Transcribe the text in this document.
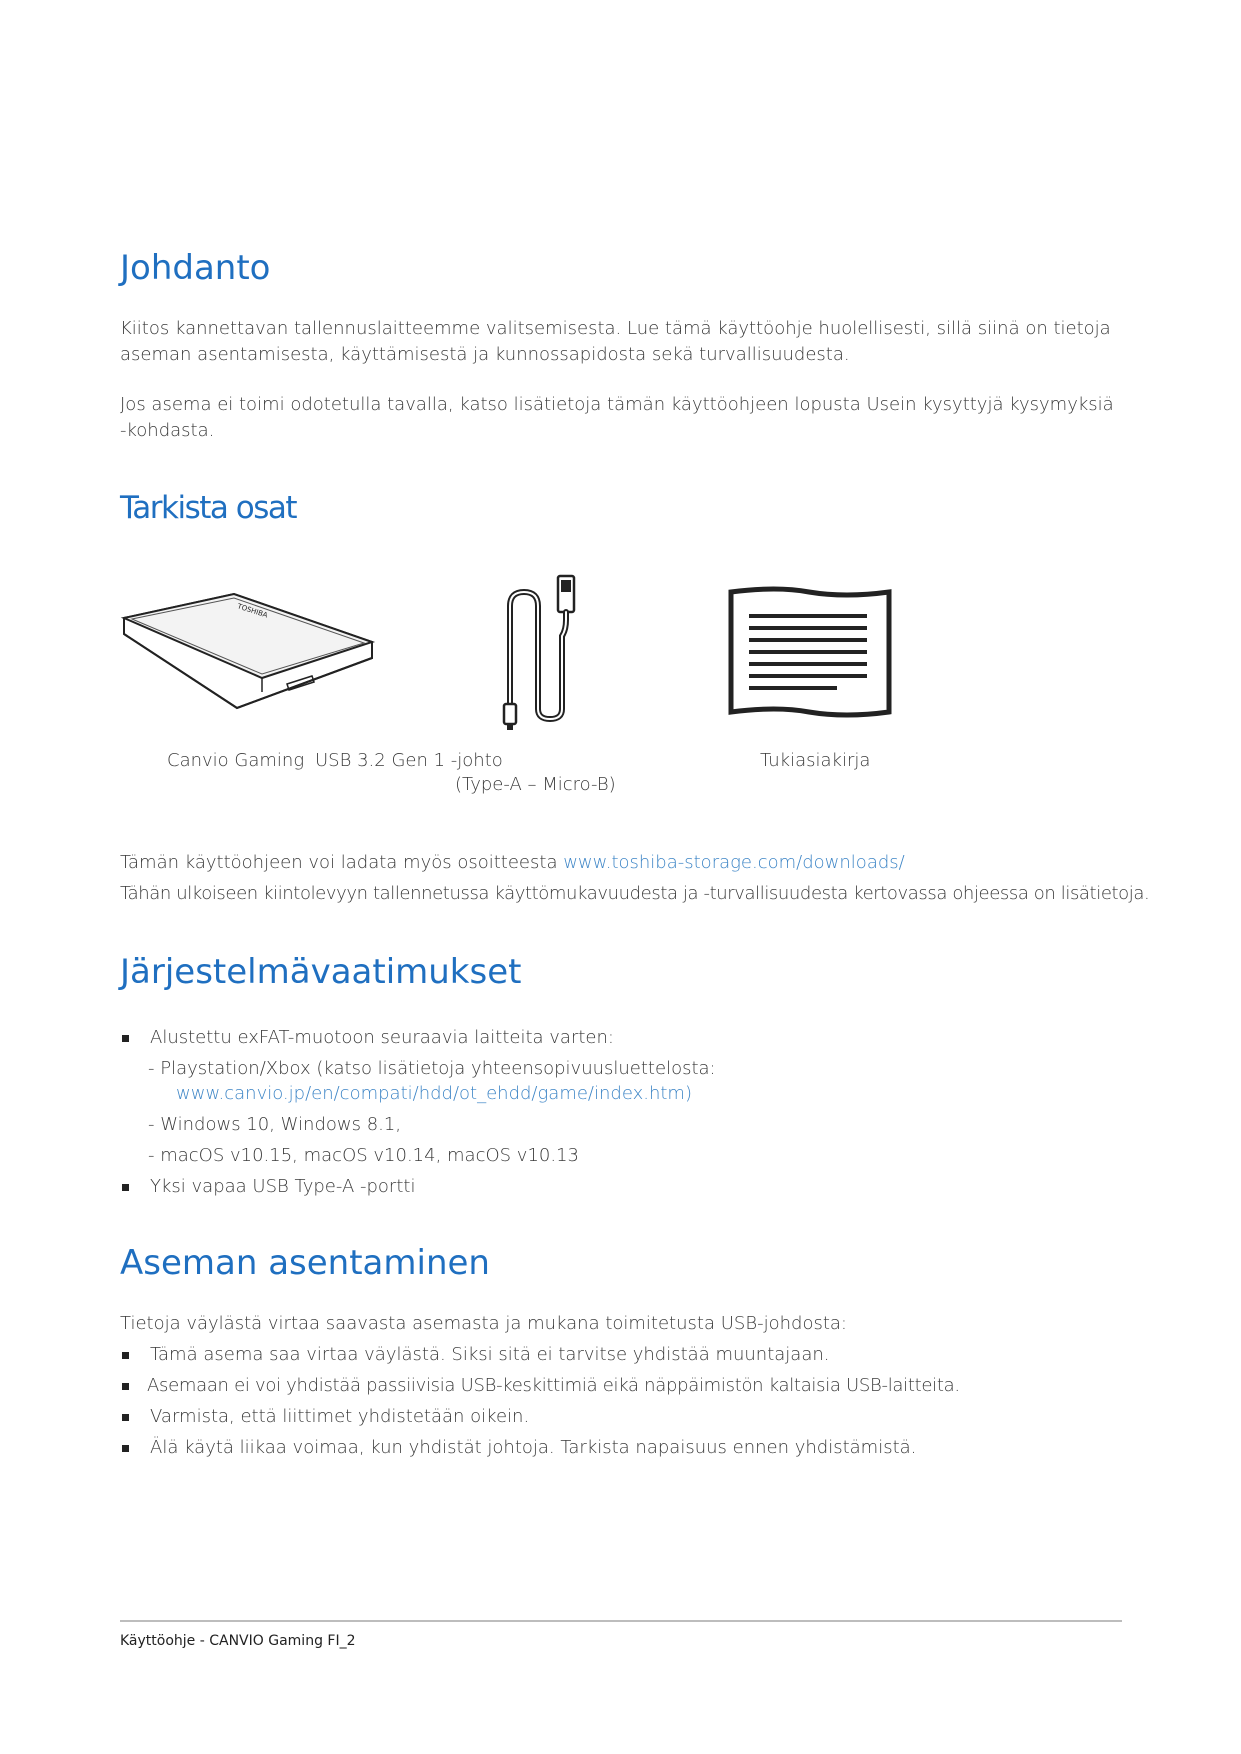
Johdanto

Kiitos kannettavan tallennuslaitteemme valitsemisesta. Lue tämä käyttöohje huolellisesti, sillä siinä on tietoja

aseman asentamisesta, käyttämisestä ja kunnossapidosta sekä turvallisuudesta.

Jos asema ei toimi odotetulla tavalla, katso lisätietoja tämän käyttöohjeen lopusta Usein kysyttyjä kysymyksiä

-kohdasta.

Tarkista osat
TOSHIBA

Canvio Gaming USB 3.2 Gen 1 -johto

(Type-A – Micro-B)

Tukiasiakirja

Tämän käyttöohjeen voi ladata myös osoitteesta www.toshiba-storage.com/downloads/

Tähän ulkoiseen kiintolevyyn tallennetussa käyttömukavuudesta ja -turvallisuudesta kertovassa ohjeessa on lisätietoja.

Järjestelmävaatimukset

Alustettu exFAT-muotoon seuraavia laitteita varten:

- Playstation/Xbox (katso lisätietoja yhteensopivuusluettelosta:

www.canvio.jp/en/compati/hdd/ot_ehdd/game/index.htm)

- Windows 10, Windows 8.1,

- macOS v10.15, macOS v10.14, macOS v10.13

Yksi vapaa USB Type-A -portti

Aseman asentaminen

Tietoja väylästä virtaa saavasta asemasta ja mukana toimitetusta USB-johdosta:

Tämä asema saa virtaa väylästä. Siksi sitä ei tarvitse yhdistää muuntajaan.

Asemaan ei voi yhdistää passiivisia USB-keskittimiä eikä näppäimistön kaltaisia USB-laitteita.

Varmista, että liittimet yhdistetään oikein.

Älä käytä liikaa voimaa, kun yhdistät johtoja. Tarkista napaisuus ennen yhdistämistä.

Käyttöohje - CANVIO Gaming FI_2
